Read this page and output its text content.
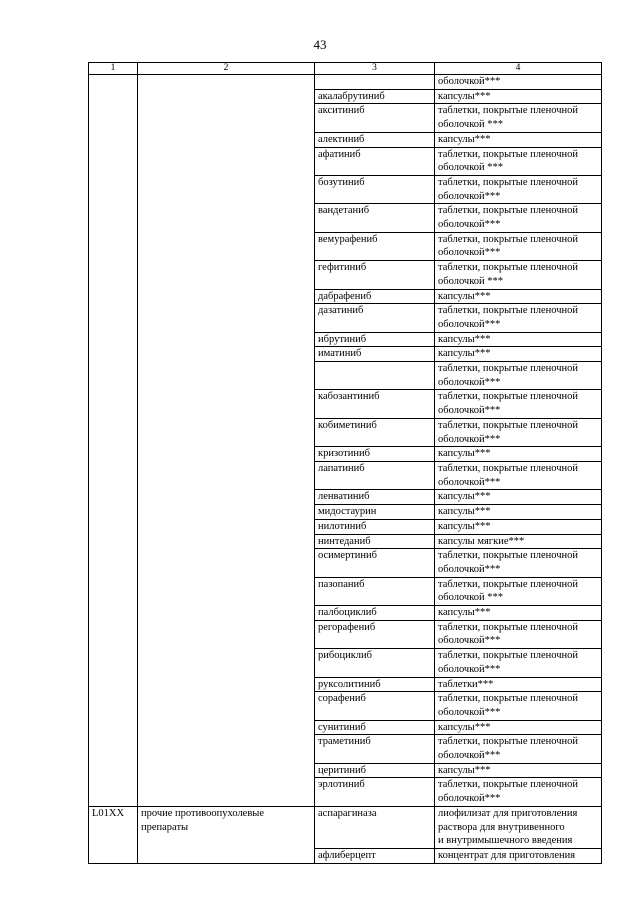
43
1	2	3	4

			оболочкой***

		акалабрутиниб	капсулы***

		акситиниб	таблетки, покрытые пленочной
оболочкой ***

		алектиниб	капсулы***

		афатиниб	таблетки, покрытые пленочной
оболочкой ***

		бозутиниб	таблетки, покрытые пленочной
оболочкой***

		вандетаниб	таблетки, покрытые пленочной
оболочкой***

		вемурафениб	таблетки, покрытые пленочной
оболочкой***

		гефитиниб	таблетки, покрытые пленочной
оболочкой ***

		дабрафениб	капсулы***

		дазатиниб	таблетки, покрытые пленочной
оболочкой***

		ибрутиниб	капсулы***

		иматиниб	капсулы***

			таблетки, покрытые пленочной
оболочкой***

		кабозантиниб	таблетки, покрытые пленочной
оболочкой***

		кобиметиниб	таблетки, покрытые пленочной
оболочкой***

		кризотиниб	капсулы***

		лапатиниб	таблетки, покрытые пленочной
оболочкой***

		ленватиниб	капсулы***

		мидостаурин	капсулы***

		нилотиниб	капсулы***

		нинтеданиб	капсулы мягкие***

		осимертиниб	таблетки, покрытые пленочной
оболочкой***

		пазопаниб	таблетки, покрытые пленочной
оболочкой ***

		палбоциклиб	капсулы***

		регорафениб	таблетки, покрытые пленочной
оболочкой***

		рибоциклиб	таблетки, покрытые пленочной
оболочкой***

		руксолитиниб	таблетки***

		сорафениб	таблетки, покрытые пленочной
оболочкой***

		сунитиниб	капсулы***

		траметиниб	таблетки, покрытые пленочной
оболочкой***

		церитиниб	капсулы***

		эрлотиниб	таблетки, покрытые пленочной
оболочкой***

L01XX	прочие противоопухолевые
препараты	аспарагиназа	лиофилизат для приготовления
раствора для внутривенного
и внутримышечного введения

		афлиберцепт	концентрат для приготовления
